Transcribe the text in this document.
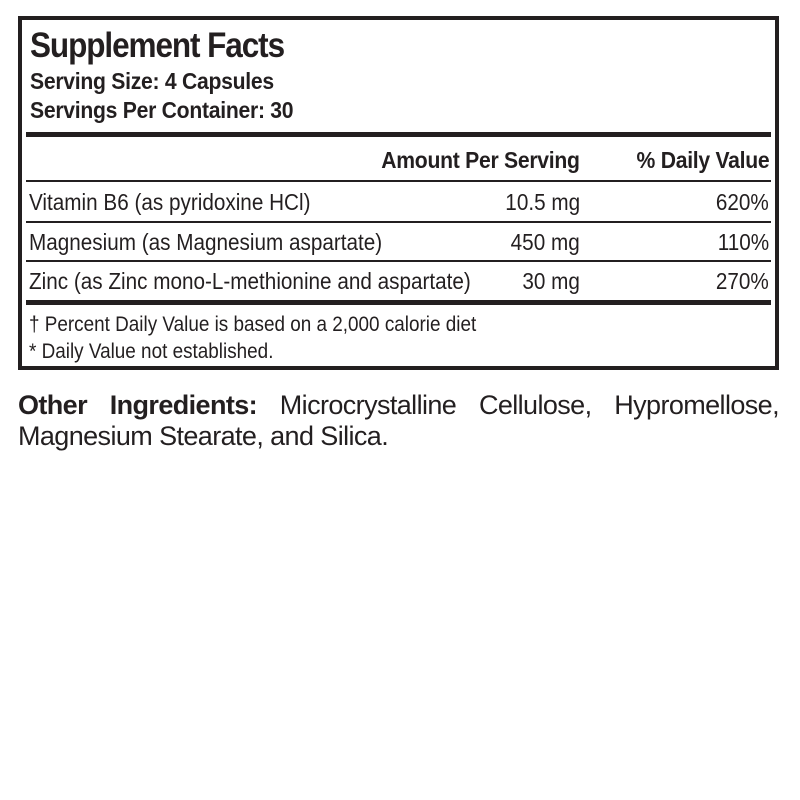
Supplement Facts
Serving Size: 4 Capsules
Servings Per Container: 30
Amount Per Serving % Daily Value
Vitamin B6 (as pyridoxine HCl)	10.5 mg	620%
Magnesium (as Magnesium aspartate)	450 mg	110%
Zinc (as Zinc mono-L-methionine and aspartate) 30 mg	270%
† Percent Daily Value is based on a 2,000 calorie diet
* Daily Value not established.
Other Ingredients: Microcrystalline Cellulose, Hypromellose, Magnesium Stearate, and Silica.
